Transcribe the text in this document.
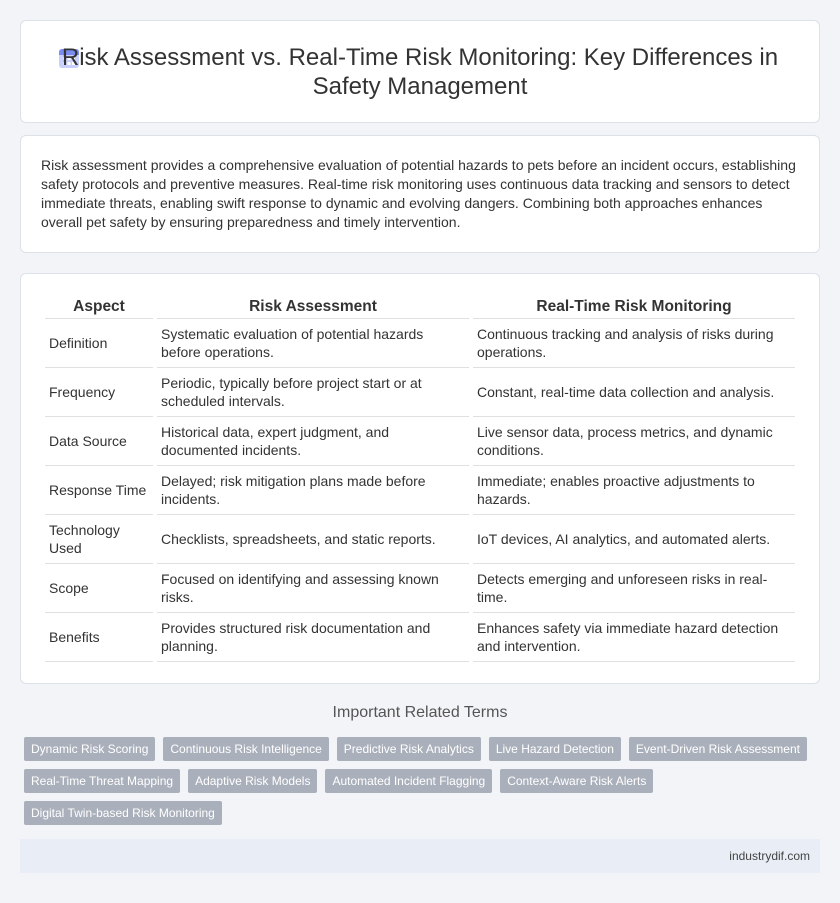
Risk Assessment vs. Real-Time Risk Monitoring: Key Differences in Safety Management

Risk assessment provides a comprehensive evaluation of potential hazards to pets before an incident occurs, establishing safety protocols and preventive measures. Real-time risk monitoring uses continuous data tracking and sensors to detect immediate threats, enabling swift response to dynamic and evolving dangers. Combining both approaches enhances overall pet safety by ensuring preparedness and timely intervention.

Aspect	Risk Assessment	Real-Time Risk Monitoring
Definition	Systematic evaluation of potential hazards before operations.	Continuous tracking and analysis of risks during operations.
Frequency	Periodic, typically before project start or at scheduled intervals.	Constant, real-time data collection and analysis.
Data Source	Historical data, expert judgment, and documented incidents.	Live sensor data, process metrics, and dynamic conditions.
Response Time	Delayed; risk mitigation plans made before incidents.	Immediate; enables proactive adjustments to hazards.
Technology Used	Checklists, spreadsheets, and static reports.	IoT devices, AI analytics, and automated alerts.
Scope	Focused on identifying and assessing known risks.	Detects emerging and unforeseen risks in real-time.
Benefits	Provides structured risk documentation and planning.	Enhances safety via immediate hazard detection and intervention.
Important Related Terms
Dynamic Risk Scoring	Continuous Risk Intelligence	Predictive Risk Analytics	Live Hazard Detection	Event-Driven Risk Assessment
Real-Time Threat Mapping	Adaptive Risk Models	Automated Incident Flagging	Context-Aware Risk Alerts
Digital Twin-based Risk Monitoring
industrydif.com
